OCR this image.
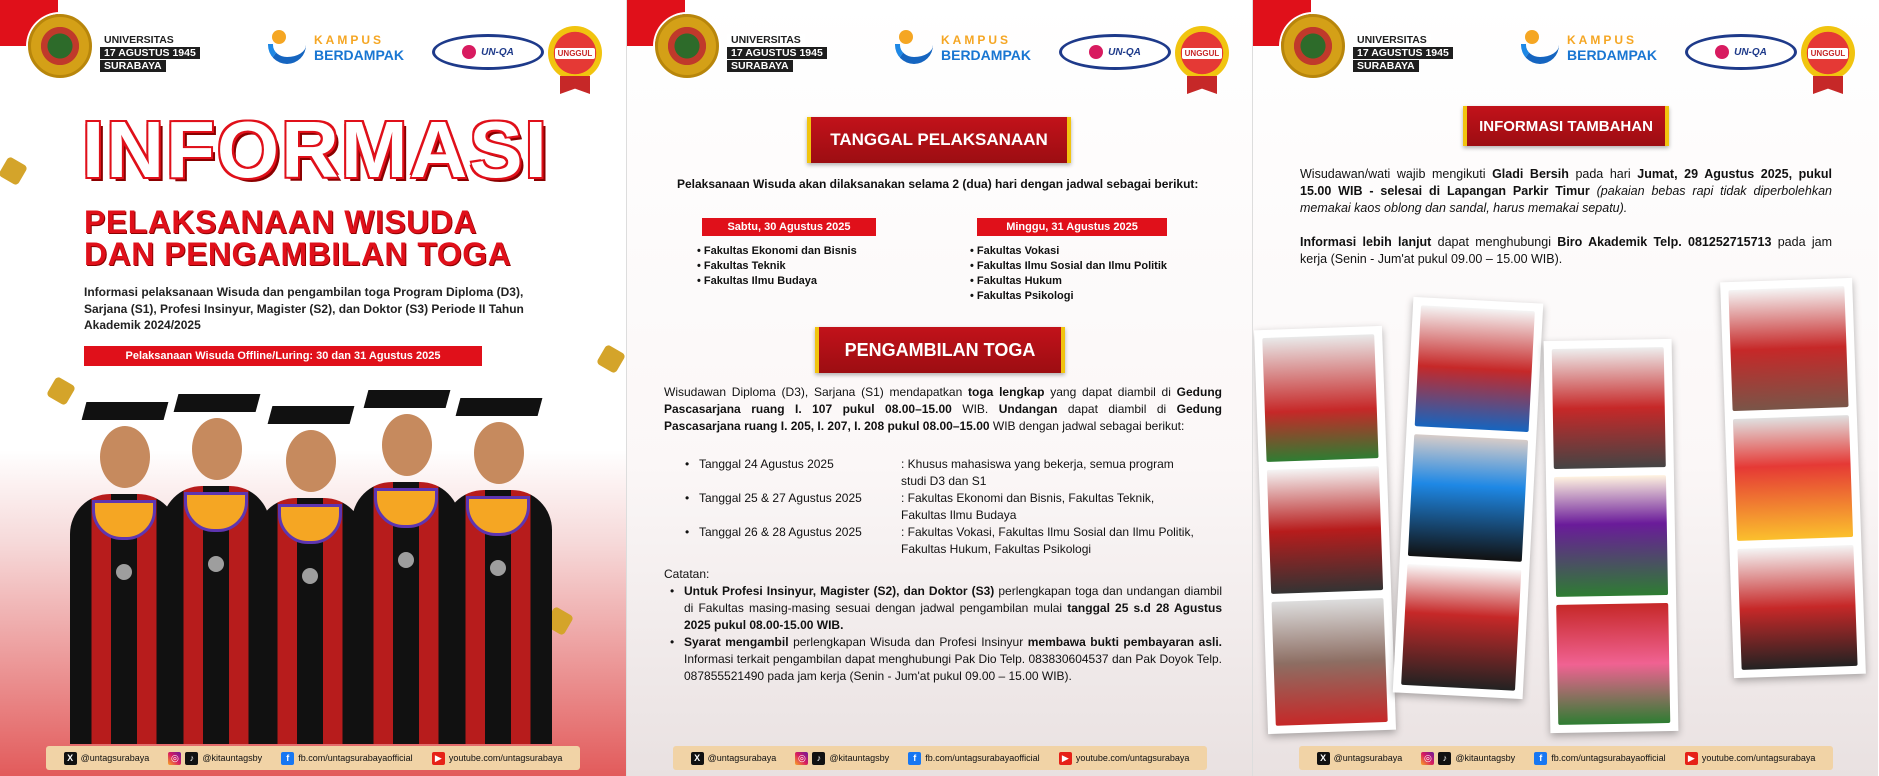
UNIVERSITAS
17 AGUSTUS 1945
SURABAYA
KAMPUS
BERDAMPAK	UN-QA	UNGGUL
INFORMASI
PELAKSANAAN WISUDA
DAN PENGAMBILAN TOGA
Informasi pelaksanaan Wisuda dan pengambilan toga Program Diploma (D3), Sarjana (S1), Profesi Insinyur, Magister (S2), dan Doktor (S3) Periode II Tahun Akademik 2024/2025
Pelaksanaan Wisuda Offline/Luring: 30 dan 31 Agustus 2025
X @untagsurabaya ◎	♪ @kitauntagsby	f	fb.com/untagsurabayaofficial	▶ youtube.com/untagsurabaya
UNIVERSITAS
17 AGUSTUS 1945
SURABAYA
KAMPUS
BERDAMPAK	UN-QA	UNGGUL
TANGGAL PELAKSANAAN
Pelaksanaan Wisuda akan dilaksanakan selama 2 (dua) hari dengan jadwal sebagai berikut:
Sabtu, 30 Agustus 2025
• Fakultas Ekonomi dan Bisnis
• Fakultas Teknik
• Fakultas Ilmu Budaya
Minggu, 31 Agustus 2025
• Fakultas Vokasi
• Fakultas Ilmu Sosial dan Ilmu Politik
• Fakultas Hukum
• Fakultas Psikologi
PENGAMBILAN TOGA
Wisudawan Diploma (D3), Sarjana (S1) mendapatkan toga lengkap yang dapat diambil di Gedung Pascasarjana ruang I. 107 pukul 08.00–15.00 WIB. Undangan dapat diambil di Gedung Pascasarjana ruang I. 205, I. 207, I. 208 pukul 08.00–15.00 WIB dengan jadwal sebagai berikut:
• Tanggal 24 Agustus 2025	: Khusus mahasiswa yang bekerja, semua program studi D3 dan S1
• Tanggal 25 & 27 Agustus 2025	: Fakultas Ekonomi dan Bisnis, Fakultas Teknik, Fakultas Ilmu Budaya
• Tanggal 26 & 28 Agustus 2025	: Fakultas Vokasi, Fakultas Ilmu Sosial dan Ilmu Politik, Fakultas Hukum, Fakultas Psikologi
Catatan:
• Untuk Profesi Insinyur, Magister (S2), dan Doktor (S3) perlengkapan toga dan undangan diambil di Fakultas masing-masing sesuai dengan jadwal pengambilan mulai tanggal 25 s.d 28 Agustus 2025 pukul 08.00-15.00 WIB.
• Syarat mengambil perlengkapan Wisuda dan Profesi Insinyur membawa bukti pembayaran asli. Informasi terkait pengambilan dapat menghubungi Pak Dio Telp. 083830604537 dan Pak Doyok Telp. 087855521490 pada jam kerja (Senin - Jum'at pukul 09.00 – 15.00 WIB).
X @untagsurabaya ◎	♪ @kitauntagsby	f	fb.com/untagsurabayaofficial	▶ youtube.com/untagsurabaya
UNIVERSITAS
17 AGUSTUS 1945
SURABAYA
KAMPUS
BERDAMPAK	UN-QA	UNGGUL
INFORMASI TAMBAHAN
Wisudawan/wati wajib mengikuti Gladi Bersih pada hari Jumat, 29 Agustus 2025, pukul 15.00 WIB - selesai di Lapangan Parkir Timur (pakaian bebas rapi tidak diperbolehkan memakai kaos oblong dan sandal, harus memakai sepatu).
Informasi lebih lanjut dapat menghubungi Biro Akademik Telp. 081252715713 pada jam kerja (Senin - Jum'at pukul 09.00 – 15.00 WIB).
X @untagsurabaya ◎	♪ @kitauntagsby	f	fb.com/untagsurabayaofficial	▶ youtube.com/untagsurabaya
